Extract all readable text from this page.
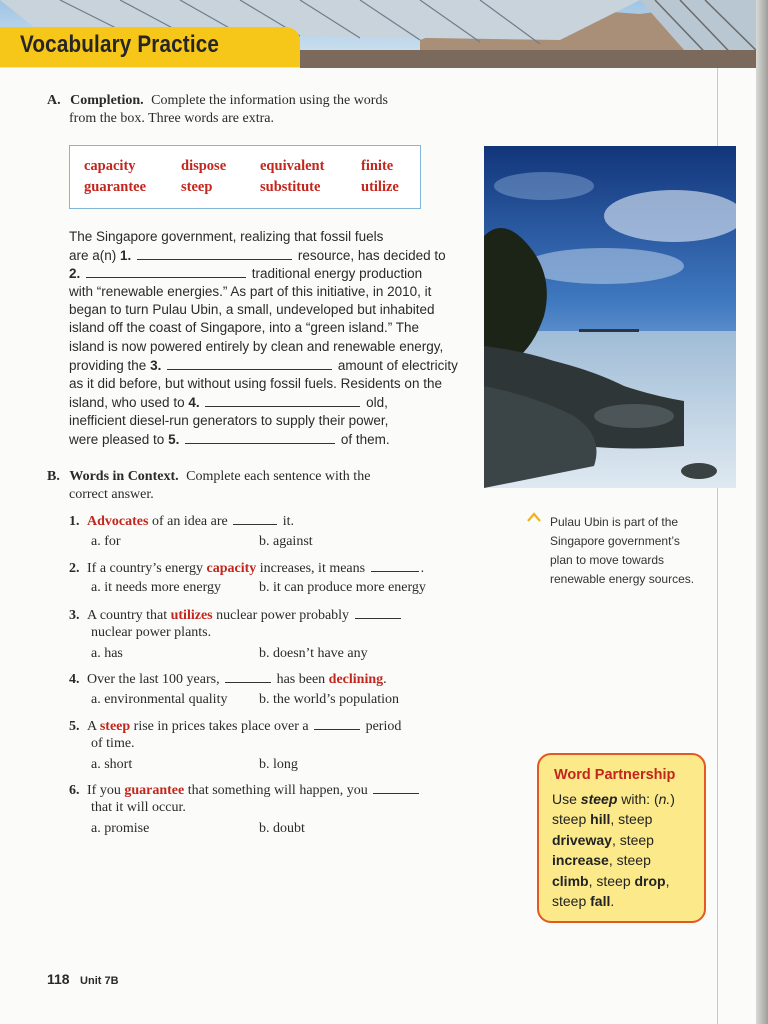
Vocabulary Practice
A. Completion. Complete the information using the words
from the box. Three words are extra.
capacity	dispose equivalent	finite
guarantee steep	substitute	utilize
The Singapore government, realizing that fossil fuels
are a(n) 1.	resource, has decided to
2.	traditional energy production
with “renewable energies.” As part of this initiative, in 2010, it
began to turn Pulau Ubin, a small, undeveloped but inhabited
island off the coast of Singapore, into a “green island.” The
island is now powered entirely by clean and renewable energy,
providing the 3.	amount of electricity
as it did before, but without using fossil fuels. Residents on the
island, who used to 4.	old,
inefficient diesel-run generators to supply their power,
were pleased to 5.	of them.
Pulau Ubin is part of the
Singapore government’s
plan to move towards
renewable energy sources.
B. Words in Context. Complete each sentence with the
correct answer.
1. Advocates of an idea are	it.
a. for	b. against
2. If a country’s energy capacity increases, it means	.
a. it needs more energy	b. it can produce more energy
3. A country that utilizes nuclear power probably
nuclear power plants.
a. has	b. doesn’t have any
4. Over the last 100 years,	has been declining.
a. environmental quality b. the world’s population
5. A steep rise in prices takes place over a	period
of time.
a. short	b. long
6. If you guarantee that something will happen, you
that it will occur.
a. promise	b. doubt
Word Partnership
Use steep with: (n.)
steep hill, steep
driveway, steep
increase, steep
climb, steep drop,
steep fall.
118 Unit 7B
